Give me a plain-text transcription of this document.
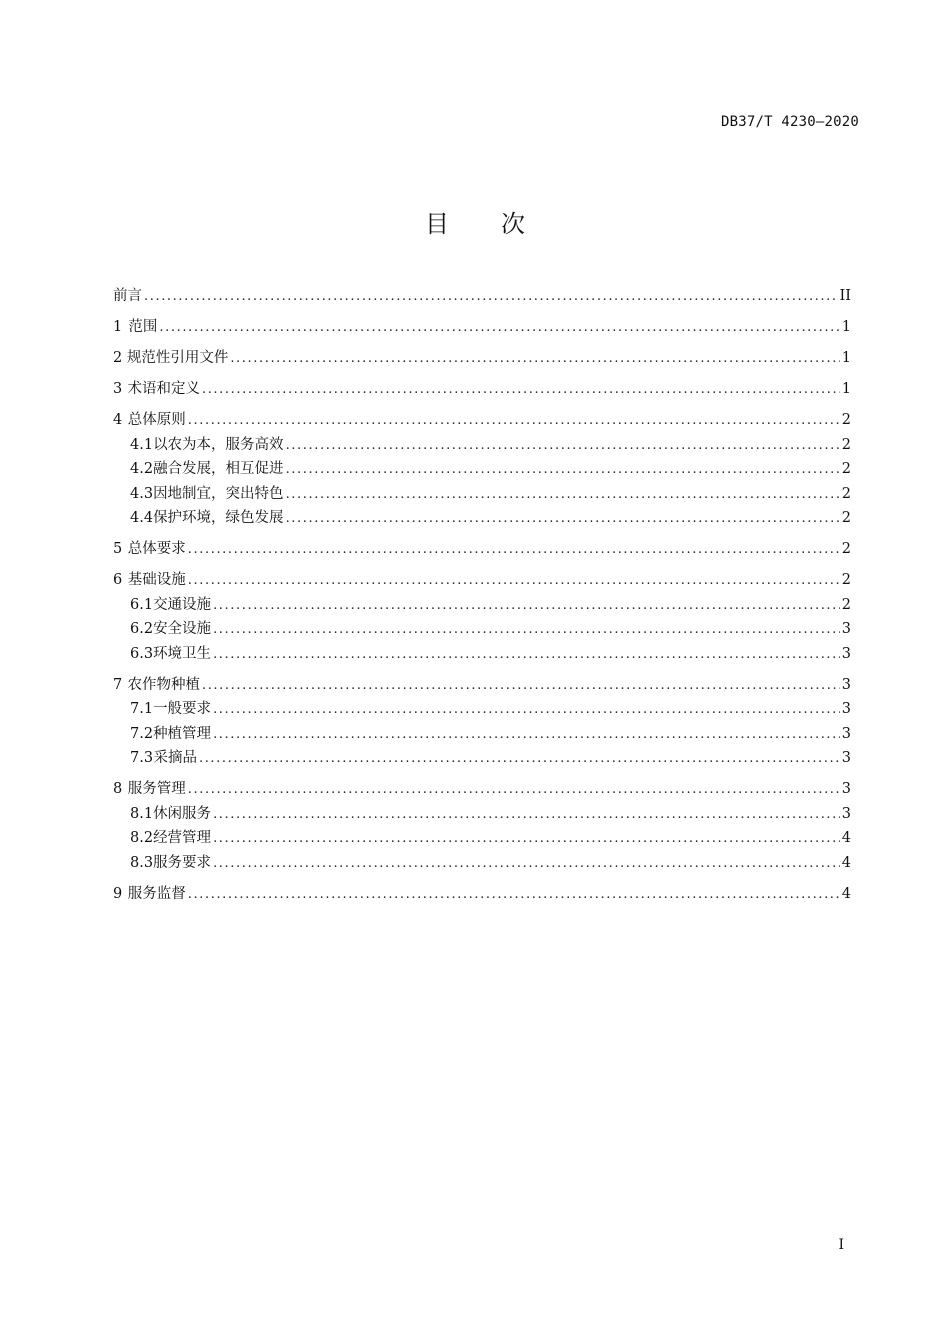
DB37/T 4230—2020
目次
前言 .....	II
1 范围 .....	1
2 规范性引用文件 .....	1
3 术语和定义 .....	1
4 总体原则 .....	2
4.1 以农为本，服务高效 .....	2
4.2 融合发展，相互促进 .....	2
4.3 因地制宜，突出特色 .....	2
4.4 保护环境，绿色发展 .....	2
5 总体要求 .....	2
6 基础设施 .....	2
6.1 交通设施 .....	2
6.2 安全设施 .....	3
6.3 环境卫生 .....	3
7 农作物种植 .....	3
7.1 一般要求 .....	3
7.2 种植管理 .....	3
7.3 采摘品 .....	3
8 服务管理 .....	3
8.1 休闲服务 .....	3
8.2 经营管理 .....	4
8.3 服务要求 .....	4
9 服务监督 .....	4
I
